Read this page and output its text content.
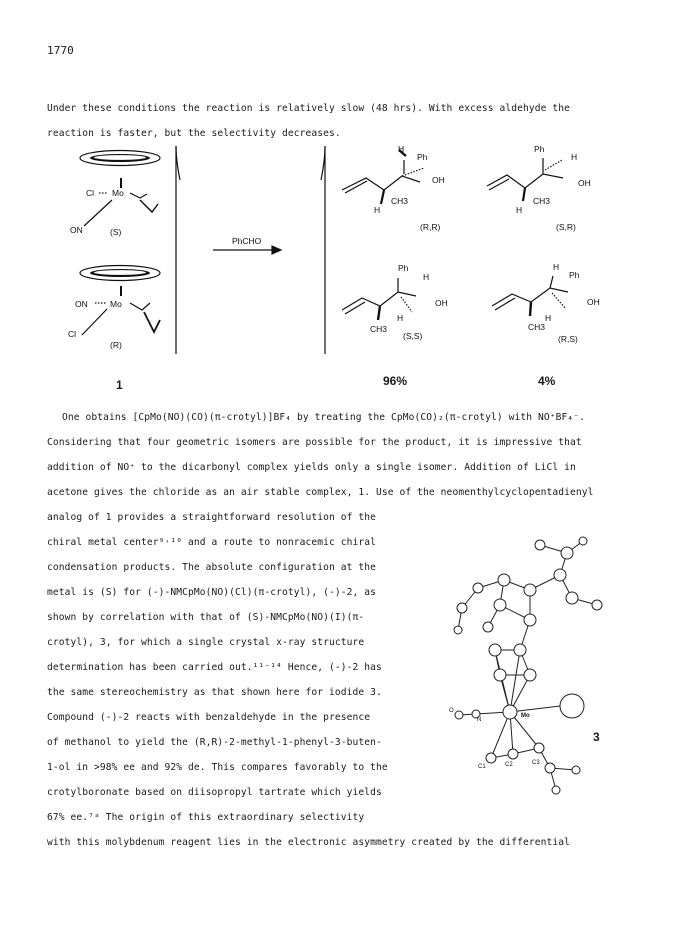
1770
Under these conditions the reaction is relatively slow (48 hrs). With excess aldehyde the
reaction is faster, but the selectivity decreases.
Cl Mo
ON	(S)
ON	Mo
Cl
(R)
PhCHO
1
H
Ph
OH
CH3
H
(R,R)
Ph
H
OH
CH3
H
(S,R)
Ph
H
OH
H
CH3
(S,S)
96%
H
Ph
OH
H
CH3
(R,S)
4%
One obtains [CpMo(NO)(CO)(π-crotyl)]BF₄ by treating the CpMo(CO)₂(π-crotyl) with NO⁺BF₄⁻.
Considering that four geometric isomers are possible for the product, it is impressive that
addition of NO⁺ to the dicarbonyl complex yields only a single isomer. Addition of LiCl in
acetone gives the chloride as an air stable complex, 1. Use of the neomenthylcyclopentadienyl
analog of 1 provides a straightforward resolution of the
chiral metal center⁹˒¹⁰ and a route to nonracemic chiral
condensation products. The absolute configuration at the
metal is (S) for (-)-NMCpMo(NO)(Cl)(π-crotyl), (-)-2, as
shown by correlation with that of (S)-NMCpMo(NO)(I)(π-
crotyl), 3, for which a single crystal x-ray structure
determination has been carried out.¹¹⁻¹⁴ Hence, (-)-2 has
the same stereochemistry as that shown here for iodide 3.
Compound (-)-2 reacts with benzaldehyde in the presence
of methanol to yield the (R,R)-2-methyl-1-phenyl-3-buten-
1-ol in >98% ee and 92% de. This compares favorably to the
crotylboronate based on diisopropyl tartrate which yields
67% ee.⁷ᵃ The origin of this extraordinary selectivity
with this molybdenum reagent lies in the electronic asymmetry created by the differential
O
N
Mo
C1	C2	C3
3
